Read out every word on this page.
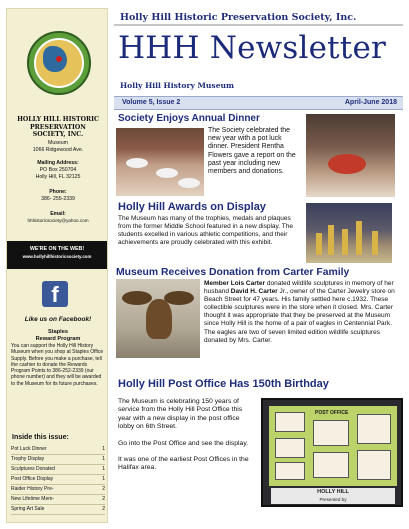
HOLLY HILL HISTORIC
PRESERVATION
SOCIETY, INC.
Museum
1066 Ridgewood Ave.
Mailing Address:
PO Box 250704
Holly Hill, FL 32125
Phone:
386- 255-2339
Email:
hhhistoricsociety@yahoo.com
WE'RE ON THE WEB!
www.hollyhillhistoricsociety.com
f
Like us on Facebook!
Staples
Reward Program
You can support the Holly Hill History Museum when you shop at Staples Office Supply. Before you make a purchase, tell the cashier to donate the Rewards Program Points to 386-252-2339 (our phone number) and they will be awarded to the Museum for its future purchases.
Inside this issue:
Pot Luck Dinner	1
Trophy Display	1
Sculptures Donated	1
Post Office Display	1
Raider History Pre-	2
New Lifetime Mem-	2
Spring Art Sale	2
Holly Hill Historic Preservation Society, Inc.
HHH Newsletter
Holly Hill History Museum
Volume 5, Issue 2	April-June 2018
Society Enjoys Annual Dinner
The Society celebrated the new year with a pot luck dinner. President Rentha Flowers gave a report on the past year including new members and donations.
Holly Hill Awards on Display
The Museum has many of the trophies, medals and plaques from the former Middle School featured in a new display. The students excelled in various athletic competitions, and their achievements are proudly celebrated with this exhibit.
Museum Receives Donation from Carter Family
Member Lois Carter donated wildlife sculptures in memory of her husband David H. Carter Jr., owner of the Carter Jewelry store on Beach Street for 47 years. His family settled here c.1932. These collectible sculptures were in the store when it closed. Mrs. Carter thought it was appropriate that they be preserved at the Museum since Holly Hill is the home of a pair of eagles in Centennial Park. The eagles are two of seven limited edition wildlife sculptures donated by Mrs. Carter.
Holly Hill Post Office Has 150th Birthday

The Museum is celebrating 150 years of service from the Holly Hill Post Office this year with a new display in the post office lobby on 6th Street.

Go into the Post Office and see the display.

It was one of the earliest Post Offices in the Halifax area.

POST OFFICE
HOLLY HILL
Presented by
Historic Preservation Society
